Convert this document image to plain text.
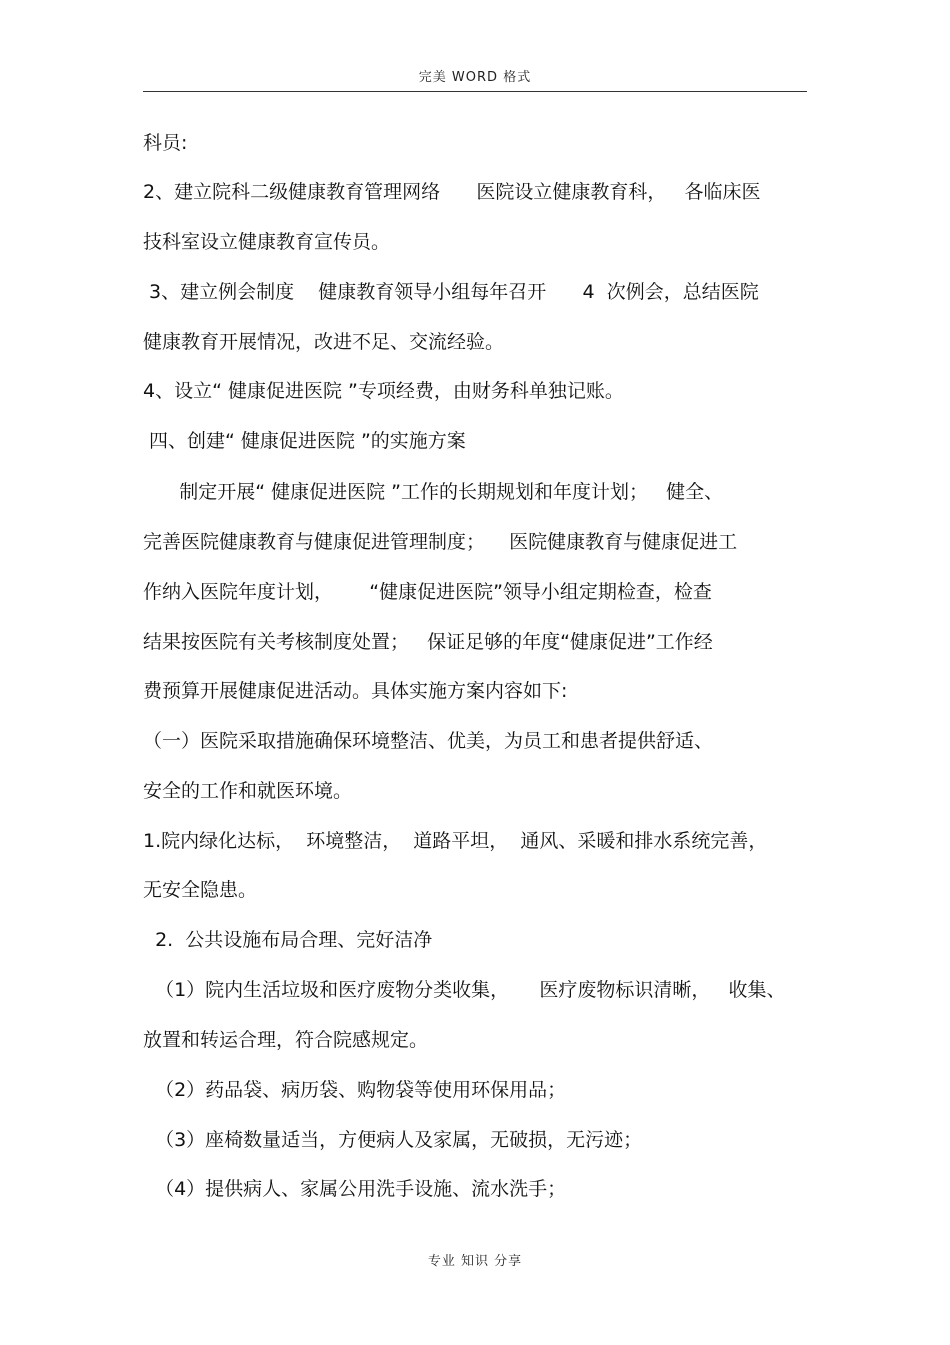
完美 WORD 格式
科员:
2、建立院科二级健康教育管理网络      医院设立健康教育科，   各临床医
技科室设立健康教育宣传员。
3、建立例会制度    健康教育领导小组每年召开      4  次例会，总结医院
健康教育开展情况，改进不足、交流经验。
4、设立“ 健康促进医院 ”专项经费，由财务科单独记账。
四、创建“ 健康促进医院 ”的实施方案
制定开展“ 健康促进医院 ”工作的长期规划和年度计划；   健全、
完善医院健康教育与健康促进管理制度；    医院健康教育与健康促进工
作纳入医院年度计划，      “健康促进医院”领导小组定期检查，检查
结果按医院有关考核制度处置；   保证足够的年度“健康促进”工作经
费预算开展健康促进活动。具体实施方案内容如下:
（一）医院采取措施确保环境整洁、优美，为员工和患者提供舒适、
安全的工作和就医环境。
1.院内绿化达标，  环境整洁，  道路平坦，  通风、采暖和排水系统完善，
无安全隐患。
2.  公共设施布局合理、完好洁净
（1）院内生活垃圾和医疗废物分类收集，     医疗废物标识清晰，   收集、
放置和转运合理，符合院感规定。
（2）药品袋、病历袋、购物袋等使用环保用品；
（3）座椅数量适当，方便病人及家属，无破损，无污迹；
（4）提供病人、家属公用洗手设施、流水洗手；
专业 知识 分享
